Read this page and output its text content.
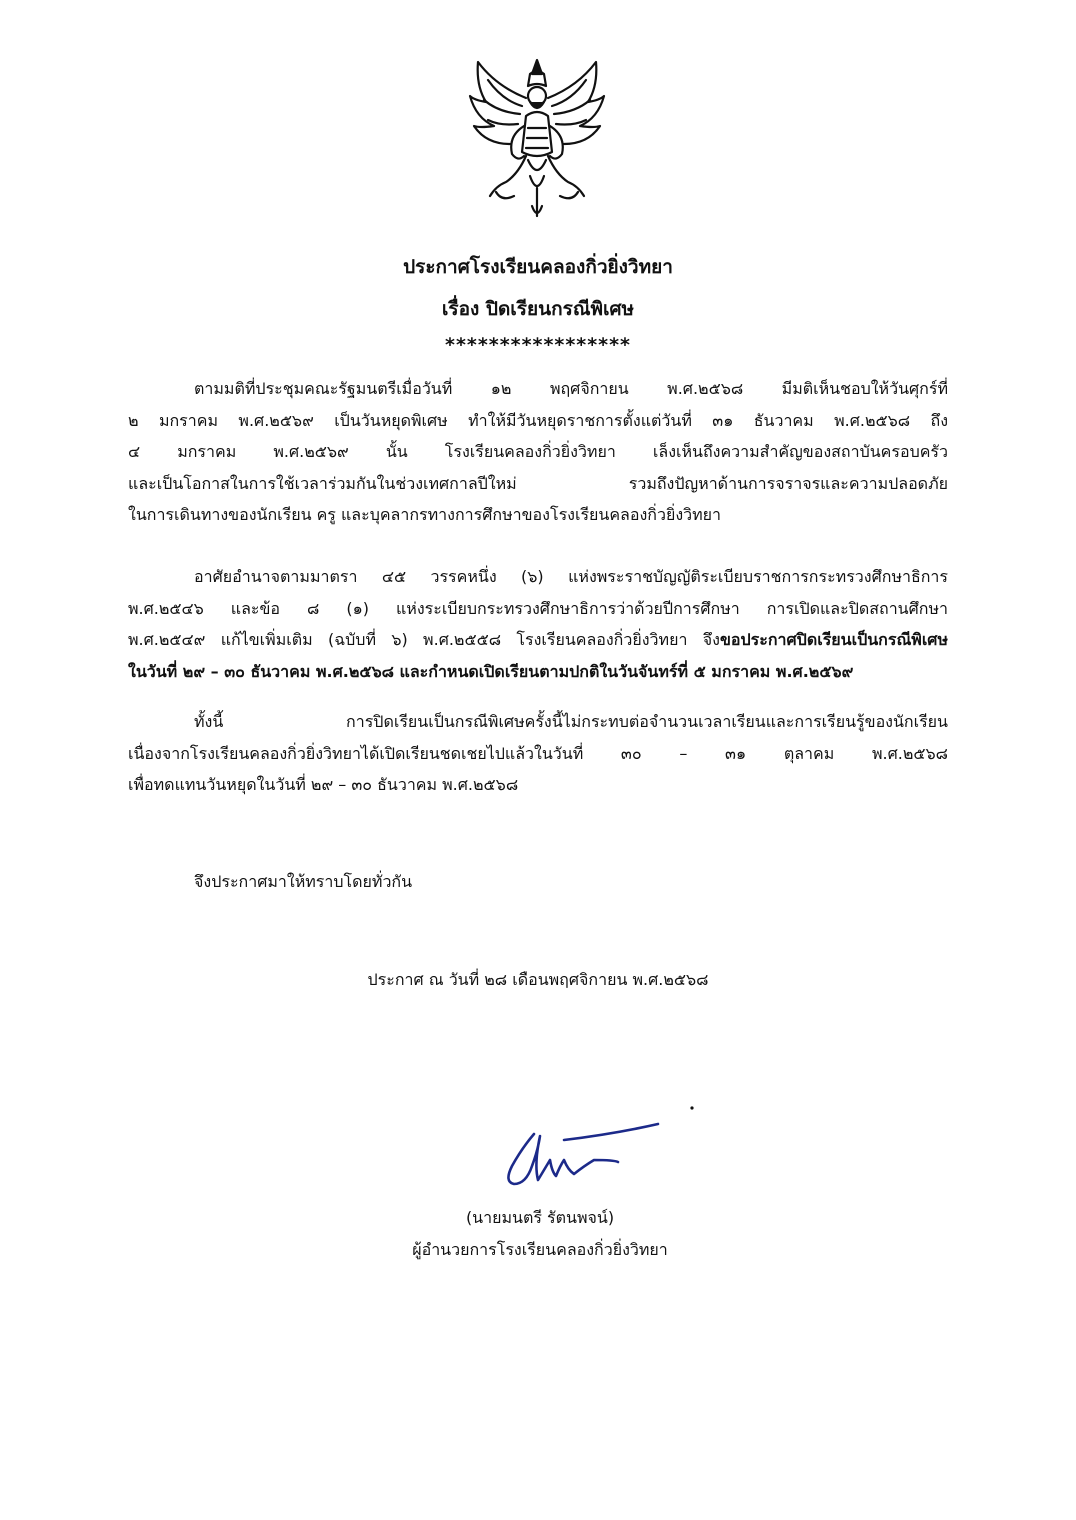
ประกาศโรงเรียนคลองกิ่วยิ่งวิทยา
เรื่อง ปิดเรียนกรณีพิเศษ
*****************
ตามมติที่ประชุมคณะรัฐมนตรีเมื่อวันที่ ๑๒ พฤศจิกายน พ.ศ.๒๕๖๘ มีมติเห็นชอบให้วันศุกร์ที่
๒ มกราคม พ.ศ.๒๕๖๙ เป็นวันหยุดพิเศษ ทำให้มีวันหยุดราชการตั้งแต่วันที่ ๓๑ ธันวาคม พ.ศ.๒๕๖๘ ถึง
๔ มกราคม พ.ศ.๒๕๖๙ นั้น โรงเรียนคลองกิ่วยิ่งวิทยา เล็งเห็นถึงความสำคัญของสถาบันครอบครัว
และเป็นโอกาสในการใช้เวลาร่วมกันในช่วงเทศกาลปีใหม่ รวมถึงปัญหาด้านการจราจรและความปลอดภัย
ในการเดินทางของนักเรียน ครู และบุคลากรทางการศึกษาของโรงเรียนคลองกิ่วยิ่งวิทยา
อาศัยอำนาจตามมาตรา ๔๕ วรรคหนึ่ง (๖) แห่งพระราชบัญญัติระเบียบราชการกระทรวงศึกษาธิการ
พ.ศ.๒๕๔๖ และข้อ ๘ (๑) แห่งระเบียบกระทรวงศึกษาธิการว่าด้วยปีการศึกษา การเปิดและปิดสถานศึกษา
พ.ศ.๒๕๔๙ แก้ไขเพิ่มเติม (ฉบับที่ ๖) พ.ศ.๒๕๕๘ โรงเรียนคลองกิ่วยิ่งวิทยา จึงขอประกาศปิดเรียนเป็นกรณีพิเศษ
ในวันที่ ๒๙ – ๓๐ ธันวาคม พ.ศ.๒๕๖๘ และกำหนดเปิดเรียนตามปกติในวันจันทร์ที่ ๕ มกราคม พ.ศ.๒๕๖๙
ทั้งนี้ การปิดเรียนเป็นกรณีพิเศษครั้งนี้ไม่กระทบต่อจำนวนเวลาเรียนและการเรียนรู้ของนักเรียน
เนื่องจากโรงเรียนคลองกิ่วยิ่งวิทยาได้เปิดเรียนชดเชยไปแล้วในวันที่ ๓๐ – ๓๑ ตุลาคม พ.ศ.๒๕๖๘
เพื่อทดแทนวันหยุดในวันที่ ๒๙ – ๓๐ ธันวาคม พ.ศ.๒๕๖๘
จึงประกาศมาให้ทราบโดยทั่วกัน
ประกาศ ณ วันที่ ๒๘ เดือนพฤศจิกายน พ.ศ.๒๕๖๘
(นายมนตรี รัตนพจน์)
ผู้อำนวยการโรงเรียนคลองกิ่วยิ่งวิทยา
